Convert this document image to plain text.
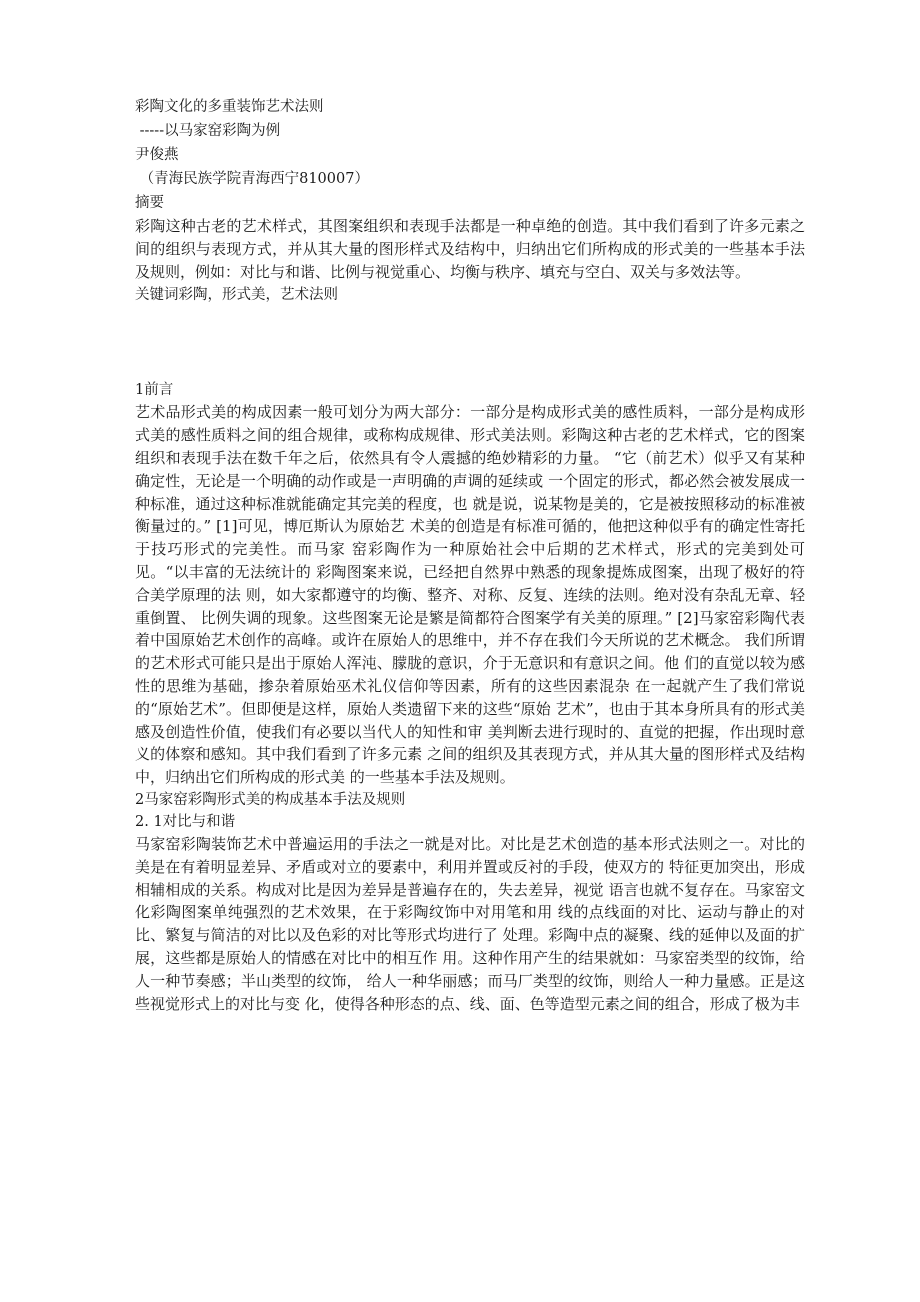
彩陶文化的多重装饰艺术法则
-----以马家窑彩陶为例
尹俊燕
（青海民族学院青海西宁810007）
摘要

彩陶这种古老的艺术样式，其图案组织和表现手法都是一种卓绝的创造。其中我们看到了许多元素之间的组织与表现方式，并从其大量的图形样式及结构中，归纳出它们所构成的形式美的一些基本手法及规则，例如：对比与和谐、比例与视觉重心、均衡与秩序、填充与空白、双关与多效法等。

关键词彩陶，形式美，艺术法则
1前言

艺术品形式美的构成因素一般可划分为两大部分：一部分是构成形式美的感性质料，一部分是构成形式美的感性质料之间的组合规律，或称构成规律、形式美法则。彩陶这种古老的艺术样式，它的图案组织和表现手法在数千年之后，依然具有令人震撼的绝妙精彩的力量。 “它（前艺术）似乎又有某种确定性，无论是一个明确的动作或是一声明确的声调的延续或 一个固定的形式，都必然会被发展成一种标准，通过这种标准就能确定其完美的程度，也 就是说，说某物是美的，它是被按照移动的标准被衡量过的。” [1]可见，博厄斯认为原始艺 术美的创造是有标准可循的，他把这种似乎有的确定性寄托于技巧形式的完美性。而马家 窑彩陶作为一种原始社会中后期的艺术样式，形式的完美到处可见。“以丰富的无法统计的 彩陶图案来说，已经把自然界中熟悉的现象提炼成图案，出现了极好的符合美学原理的法 则，如大家都遵守的均衡、整齐、对称、反复、连续的法则。绝对没有杂乱无章、轻重倒置、 比例失调的现象。这些图案无论是繁是简都符合图案学有关美的原理。” [2]马家窑彩陶代表 着中国原始艺术创作的高峰。或许在原始人的思维中，并不存在我们今天所说的艺术概念。 我们所谓的艺术形式可能只是出于原始人浑沌、朦胧的意识，介于无意识和有意识之间。他 们的直觉以较为感性的思维为基础，掺杂着原始巫术礼仪信仰等因素，所有的这些因素混杂 在一起就产生了我们常说的“原始艺术”。但即便是这样，原始人类遗留下来的这些“原始 艺术”，也由于其本身所具有的形式美感及创造性价值，使我们有必要以当代人的知性和审 美判断去进行现时的、直觉的把握，作出现时意义的体察和感知。其中我们看到了许多元素 之间的组织及其表现方式，并从其大量的图形样式及结构中，归纳出它们所构成的形式美 的一些基本手法及规则。

2马家窑彩陶形式美的构成基本手法及规则
2. 1对比与和谐

马家窑彩陶装饰艺术中普遍运用的手法之一就是对比。对比是艺术创造的基本形式法则之一。对比的美是在有着明显差异、矛盾或对立的要素中，利用并置或反衬的手段，使双方的 特征更加突出，形成相辅相成的关系。构成对比是因为差异是普遍存在的，失去差异，视觉 语言也就不复存在。马家窑文化彩陶图案单纯强烈的艺术效果，在于彩陶纹饰中对用笔和用 线的点线面的对比、运动与静止的对比、繁复与简洁的对比以及色彩的对比等形式均进行了 处理。彩陶中点的凝聚、线的延伸以及面的扩展，这些都是原始人的情感在对比中的相互作 用。这种作用产生的结果就如：马家窑类型的纹饰，给人一种节奏感；半山类型的纹饰， 给人一种华丽感；而马厂类型的纹饰，则给人一种力量感。正是这些视觉形式上的对比与变 化，使得各种形态的点、线、面、色等造型元素之间的组合，形成了极为丰
